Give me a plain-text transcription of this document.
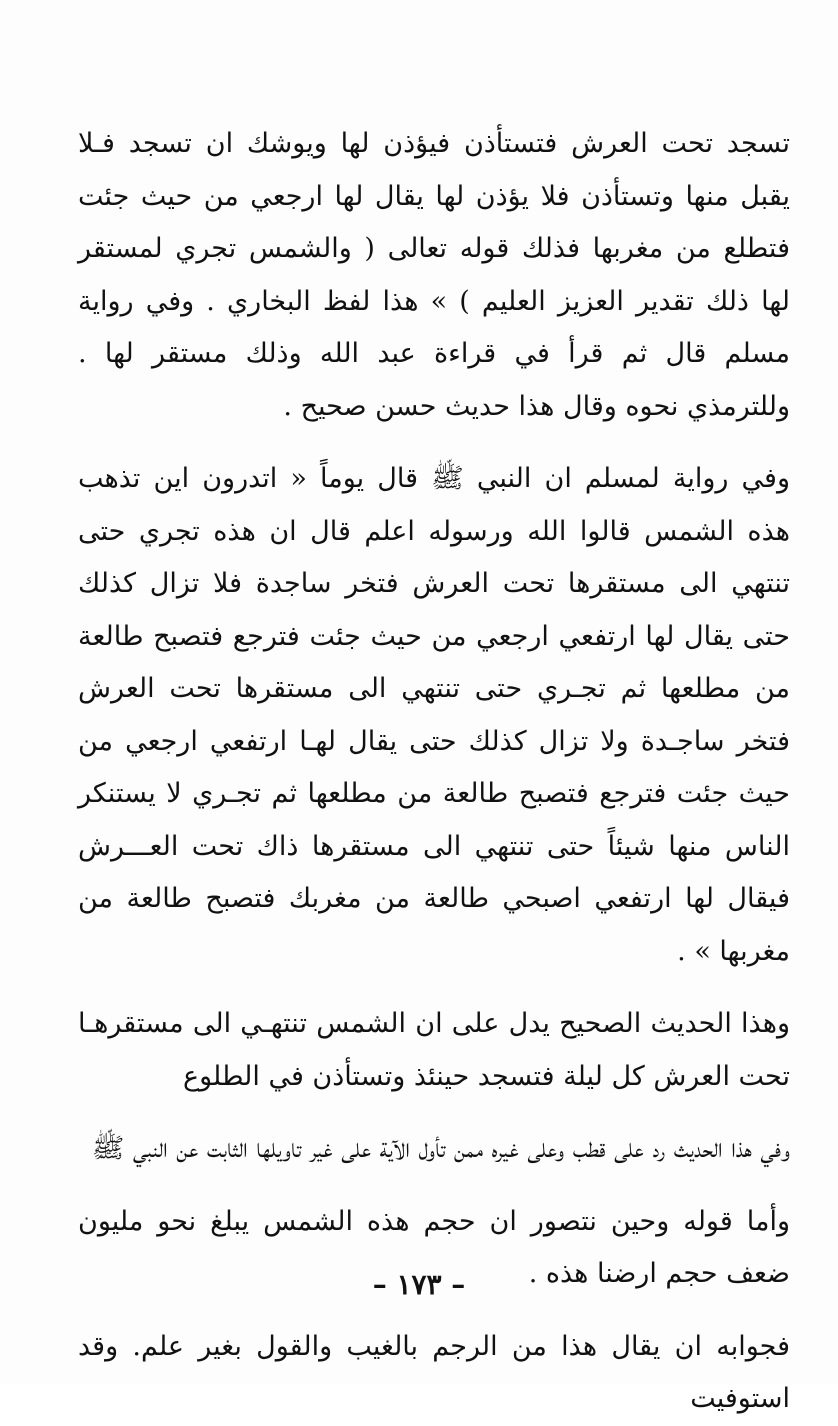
تسجد تحت العرش فتستأذن فيؤذن لها ويوشك ان تسجد فـلا يقبل منها وتستأذن فلا يؤذن لها يقال لها ارجعي من حيث جئت فتطلع من مغربها فذلك قوله تعالى ( والشمس تجري لمستقر لها ذلك تقدير العزيز العليم ) » هذا لفظ البخاري . وفي رواية مسلم قال ثم قرأ في قراءة عبد الله وذلك مستقر لها . وللترمذي نحوه وقال هذا حديث حسن صحيح .

وفي رواية لمسلم ان النبي ﷺ قال يوماً « اتدرون اين تذهب هذه الشمس قالوا الله ورسوله اعلم قال ان هذه تجري حتى تنتهي الى مستقرها تحت العرش فتخر ساجدة فلا تزال كذلك حتى يقال لها ارتفعي ارجعي من حيث جئت فترجع فتصبح طالعة من مطلعها ثم تجـري حتى تنتهي الى مستقرها تحت العرش فتخر ساجـدة ولا تزال كذلك حتى يقال لهـا ارتفعي ارجعي من حيث جئت فترجع فتصبح طالعة من مطلعها ثم تجـري لا يستنكر الناس منها شيئاً حتى تنتهي الى مستقرها ذاك تحت العـــرش فيقال لها ارتفعي اصبحي طالعة من مغربك فتصبح طالعة من مغربها » .

وهذا الحديث الصحيح يدل على ان الشمس تنتهـي الى مستقرهـا تحت العرش كل ليلة فتسجد حينئذ وتستأذن في الطلوع

وفي هذا الحديث رد على قطب وعلى غيره ممن تأول الآية على غير تاويلها الثابت عن النبي ﷺ

وأما قوله وحين نتصور ان حجم هذه الشمس يبلغ نحو مليون ضعف حجم ارضنا هذه .

فجوابه ان يقال هذا من الرجم بالغيب والقول بغير علم. وقد استوفيت

– ١٧٣ –
